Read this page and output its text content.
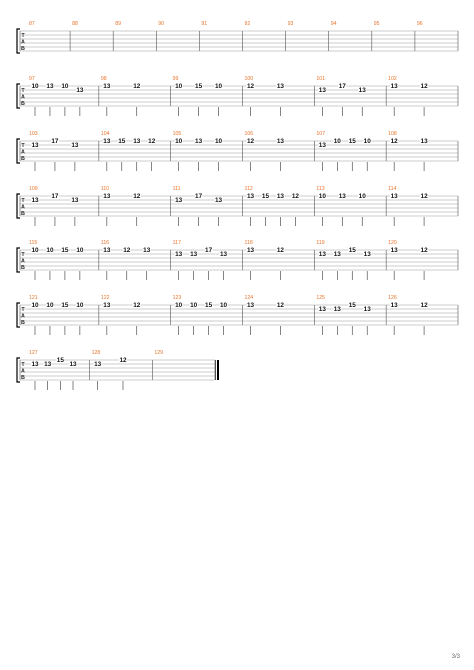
T
A
B
87	88	89	90	91	92	93	94	95	96
T
A
B
97
10 13 10
13
98
13	12
99
10 15 10
100
12	13
101
13
17
13
102
13	12
T
A
B
103
13
17
13
104
13 15 13 12
105
10 13 10
106
12	13
107
13
10 15 10
108
12	13
T
A
B
109
13
17
13
110
13	12
111
13
17
13
112
13 15 13 12
113
10 13 10
114
13	12
T
A
B
115
10 10 15 10
116
13 12 13
117
13 13
17
13
118
13	12
119
13 13
15
13
120
13	12
T
A
B
121
10 10 15 10
122
13	12
123
10 10 15 10
124
13	12
125
13 13
15
13
126
13	12
T
A
B
127
13 13
15
13
128
13
12
129
3/3
